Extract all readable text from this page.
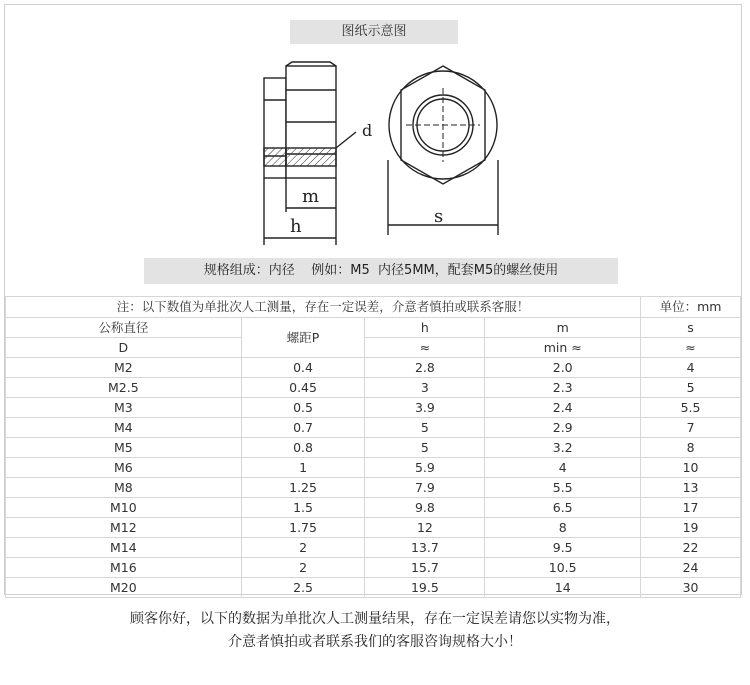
图纸示意图
d
m
h	s
规格组成：内径 例如：M5  内径5MM，配套M5的螺丝使用
注：以下数值为单批次人工测量，存在一定误差，介意者慎拍或联系客服！				单位：mm
公称直径	螺距P	h	m	s
D		≈	min ≈	≈
M2	0.4	2.8	2.0	4
M2.5	0.45	3	2.3	5
M3	0.5	3.9	2.4	5.5
M4	0.7	5	2.9	7
M5	0.8	5	3.2	8
M6	1	5.9	4	10
M8	1.25	7.9	5.5	13
M10	1.5	9.8	6.5	17
M12	1.75	12	8	19
M14	2	13.7	9.5	22
M16	2	15.7	10.5	24
M20	2.5	19.5	14	30
顾客你好，以下的数据为单批次人工测量结果，存在一定误差请您以实物为准，
介意者慎拍或者联系我们的客服咨询规格大小！
